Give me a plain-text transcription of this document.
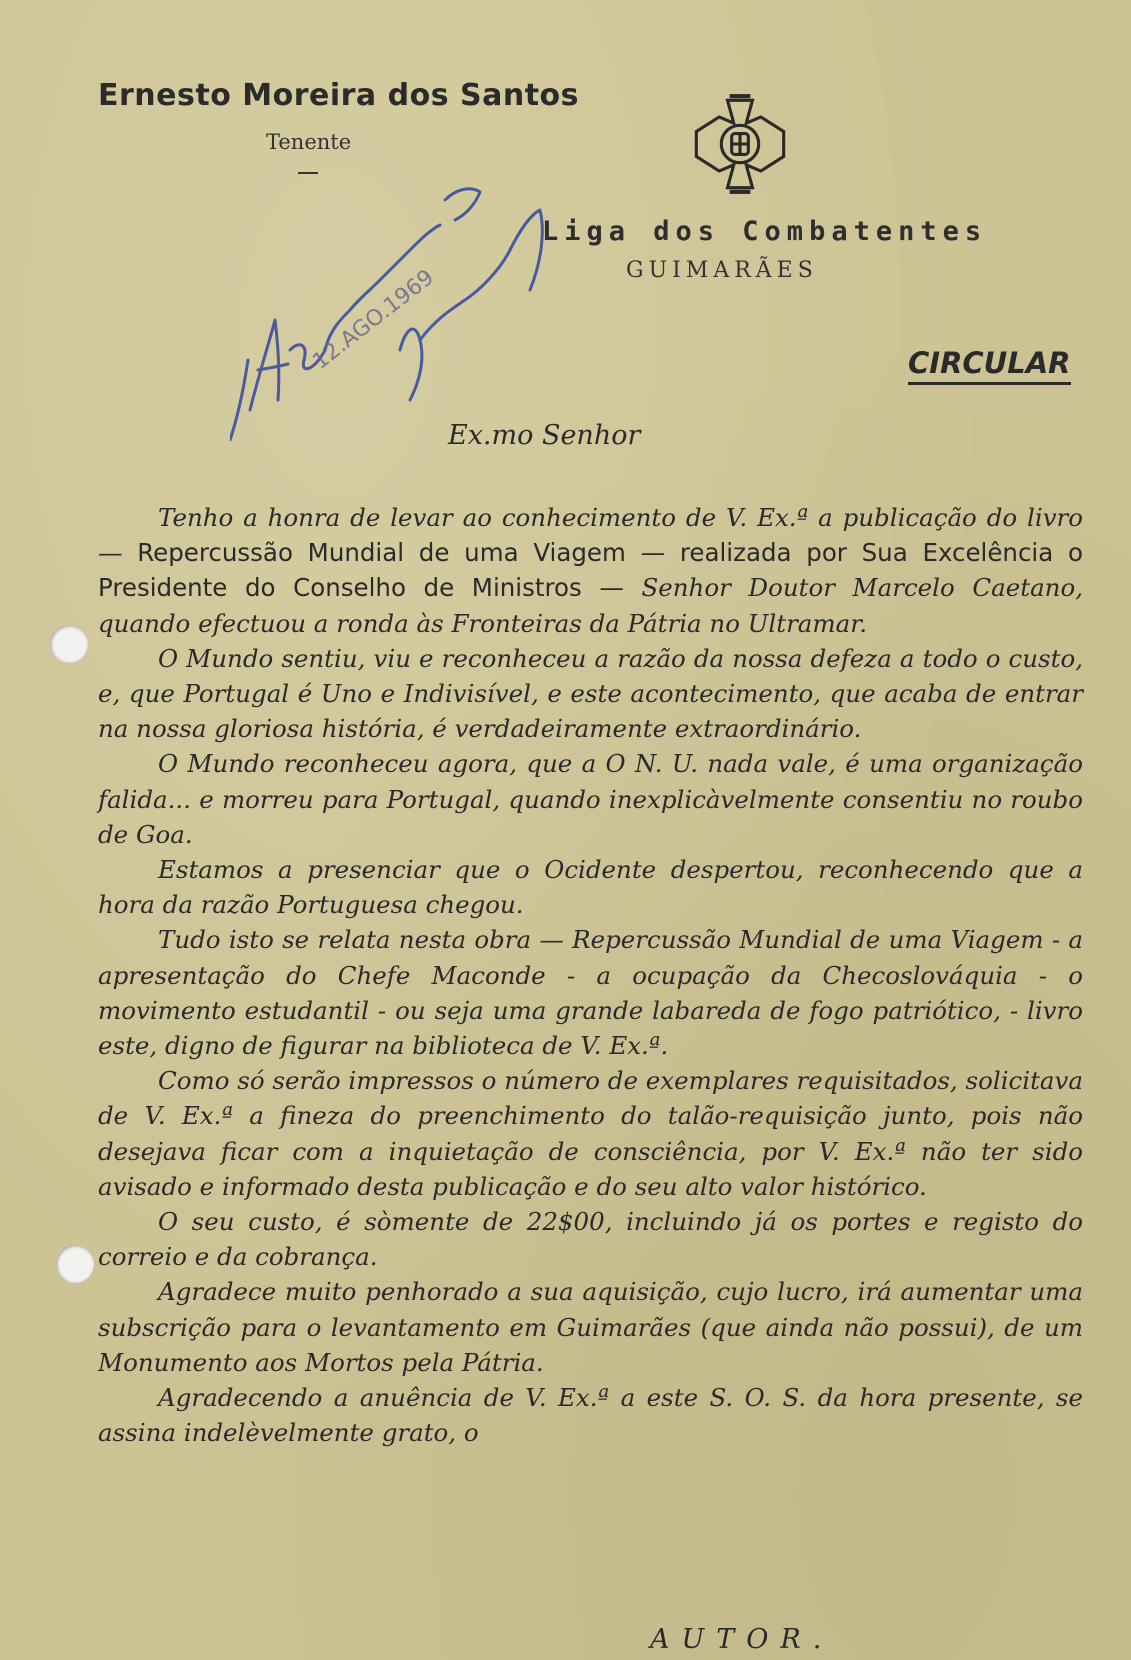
Ernesto Moreira dos Santos
Tenente
Liga dos Combatentes
GUIMARÃES
12.AGO.1969	CIRCULAR
Ex.mo Senhor

Tenho a honra de levar ao conhecimento de V. Ex.ª a publicação do livro — Repercussão Mundial de uma Viagem — realizada por Sua Excelência o Presidente do Conselho de Ministros — Senhor Doutor Marcelo Caetano, quando efectuou a ronda às Fronteiras da Pátria no Ultramar.

O Mundo sentiu, viu e reconheceu a razão da nossa defeza a todo o custo, e, que Portugal é Uno e Indivisível, e este acontecimento, que acaba de entrar na nossa gloriosa história, é verdadeiramente extraordinário.

O Mundo reconheceu agora, que a O N. U. nada vale, é uma organização falida... e morreu para Portugal, quando inexplicàvelmente consentiu no roubo de Goa.

Estamos a presenciar que o Ocidente despertou, reconhecendo que a hora da razão Portuguesa chegou.

Tudo isto se relata nesta obra — Repercussão Mundial de uma Viagem - a apresentação do Chefe Maconde - a ocupação da Checoslováquia - o movimento estudantil - ou seja uma grande labareda de fogo patriótico, - livro este, digno de figurar na biblioteca de V. Ex.ª.

Como só serão impressos o número de exemplares requisitados, solicitava de V. Ex.ª a fineza do preenchimento do talão-requisição junto, pois não desejava ficar com a inquietação de consciência, por V. Ex.ª não ter sido avisado e informado desta publicação e do seu alto valor histórico.

O seu custo, é sòmente de 22$00, incluindo já os portes e registo do correio e da cobrança.

Agradece muito penhorado a sua aquisição, cujo lucro, irá aumentar uma subscrição para o levantamento em Guimarães (que ainda não possui), de um Monumento aos Mortos pela Pátria.

Agradecendo a anuência de V. Ex.ª a este S. O. S. da hora presente, se assina indelèvelmente grato, o

AUTOR.
